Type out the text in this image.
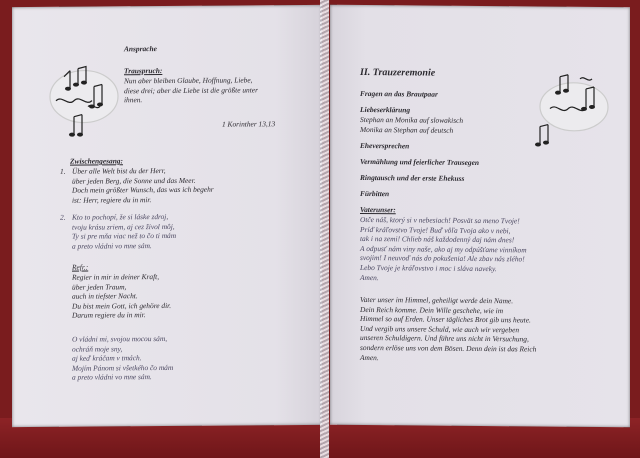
Ansprache
Trauspruch:
Nun aber bleiben Glaube, Hoffnung, Liebe,
diese drei; aber die Liebe ist die größte unter
ihnen.
1 Korinther 13,13
Zwischengesang:
1. Über alle Welt bist du der Herr,
über jeden Berg, die Sonne und das Meer.
Doch mein größter Wunsch, das was ich begehr
ist: Herr, regiere du in mir.
2. Kto to pochopí, že si láske zdroj,
tvoju krásu zriem, aj cez živol môj,
Ty si pre mňa viac než to čo ti mám
a preto vládni vo mne sám.
Refr.:
Regier in mir in deiner Kraft,
über jeden Traum,
auch in tiefster Nacht.
Du bist mein Gott, ich gehöre dir.
Darum regiere du in mir.
O vládni mi, svojou mocou sám,
ochráň moje sny,
aj keď kráčam v tmách.
Mojím Pánom si všetkého čo mám
a preto vládni vo mne sám.
II. Trauzeremonie
Fragen an das Brautpaar
Liebeserklärung
Stephan an Monika auf slowakisch
Monika an Stephan auf deutsch
Eheversprechen
Vermählung und feierlicher Trausegen
Ringtausch und der erste Ehekuss
Fürbitten
Vaterunser:
Otče náš, ktorý si v nebesiach! Posvät sa meno Tvoje!
Príď kráľovstvo Tvoje! Buď vôľa Tvoja ako v nebi,
tak i na zemi! Chlieb náš každodenný daj nám dnes!
A odpusť nám viny naše, ako aj my odpúšťame vinníkom
svojim! I neuvoď nás do pokušenia! Ale zbav nás zlého!
Lebo Tvoje je kráľovstvo i moc i sláva naveky.
Amen.
Vater unser im Himmel, geheiligt werde dein Name.
Dein Reich komme. Dein Wille geschehe, wie im
Himmel so auf Erden. Unser tägliches Brot gib uns heute.
Und vergib uns unsere Schuld, wie auch wir vergeben
unseren Schuldigern. Und führe uns nicht in Versuchung,
sondern erlöse uns von dem Bösen. Denn dein ist das Reich
Amen.
